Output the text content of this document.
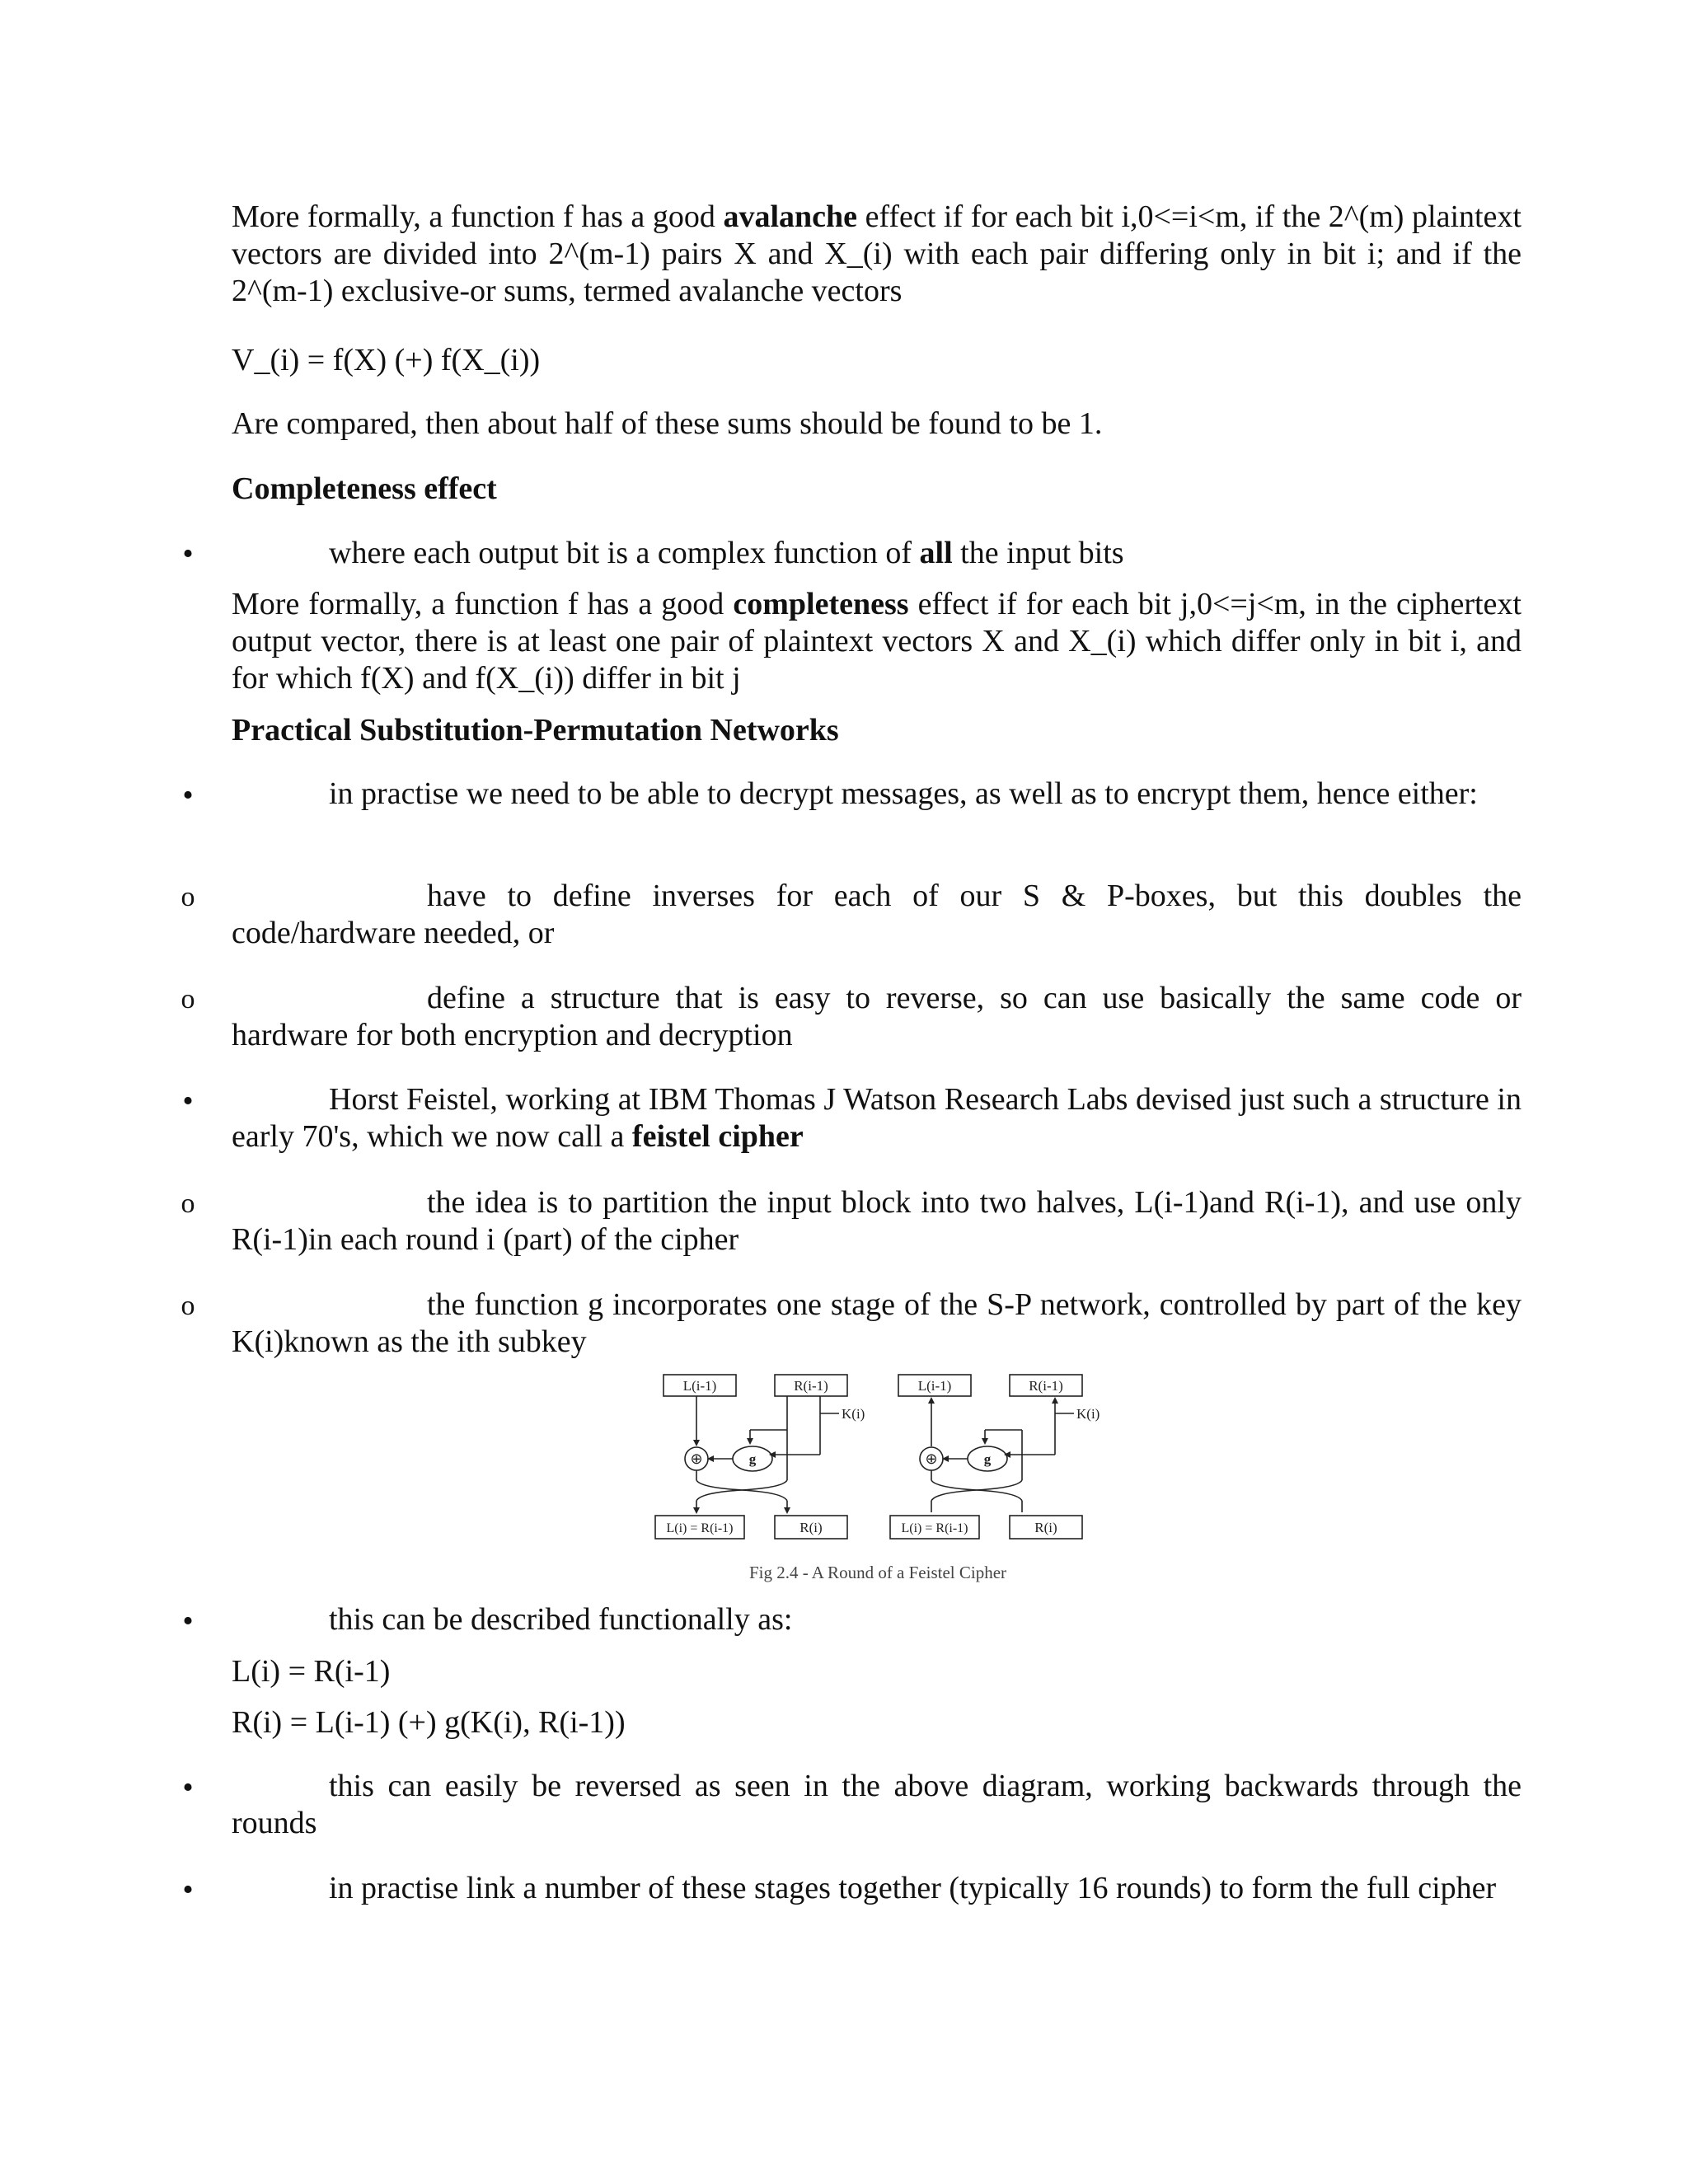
More formally, a function f has a good avalanche effect if for each bit i,0<=i<m, if the 2^(m) plaintext vectors are divided into 2^(m-1) pairs X and X_(i) with each pair differing only in bit i; and if the 2^(m-1) exclusive-or sums, termed avalanche vectors

V_(i) = f(X) (+) f(X_(i))

Are compared, then about half of these sums should be found to be 1.

Completeness effect

•	where each output bit is a complex function of all the input bits

More formally, a function f has a good completeness effect if for each bit j,0<=j<m, in the ciphertext output vector, there is at least one pair of plaintext vectors X and X_(i) which differ only in bit i, and for which f(X) and f(X_(i)) differ in bit j

Practical Substitution-Permutation Networks

•	in practise we need to be able to decrypt messages, as well as to encrypt them, hence either:

o	have to define inverses for each of our S & P-boxes, but this doubles the code/hardware needed, or

o	define a structure that is easy to reverse, so can use basically the same code or hardware for both encryption and decryption

•	Horst Feistel, working at IBM Thomas J Watson Research Labs devised just such a structure in early 70's, which we now call a feistel cipher

o	the idea is to partition the input block into two halves, L(i-1)and R(i-1), and use only R(i-1)in each round i (part) of the cipher

o	the function g incorporates one stage of the S-P network, controlled by part of the key K(i)known as the ith subkey

L(i-1)	R(i-1)
K(i)
g
⊕
L(i) = R(i-1)	R(i)
L(i-1)	R(i-1)
K(i)
g
⊕
L(i) = R(i-1)	R(i)
Fig 2.4 - A Round of a Feistel Cipher
•	this can be described functionally as:

L(i) = R(i-1)

R(i) = L(i-1) (+) g(K(i), R(i-1))

•	this can easily be reversed as seen in the above diagram, working backwards through the rounds

•	in practise link a number of these stages together (typically 16 rounds) to form the full cipher
